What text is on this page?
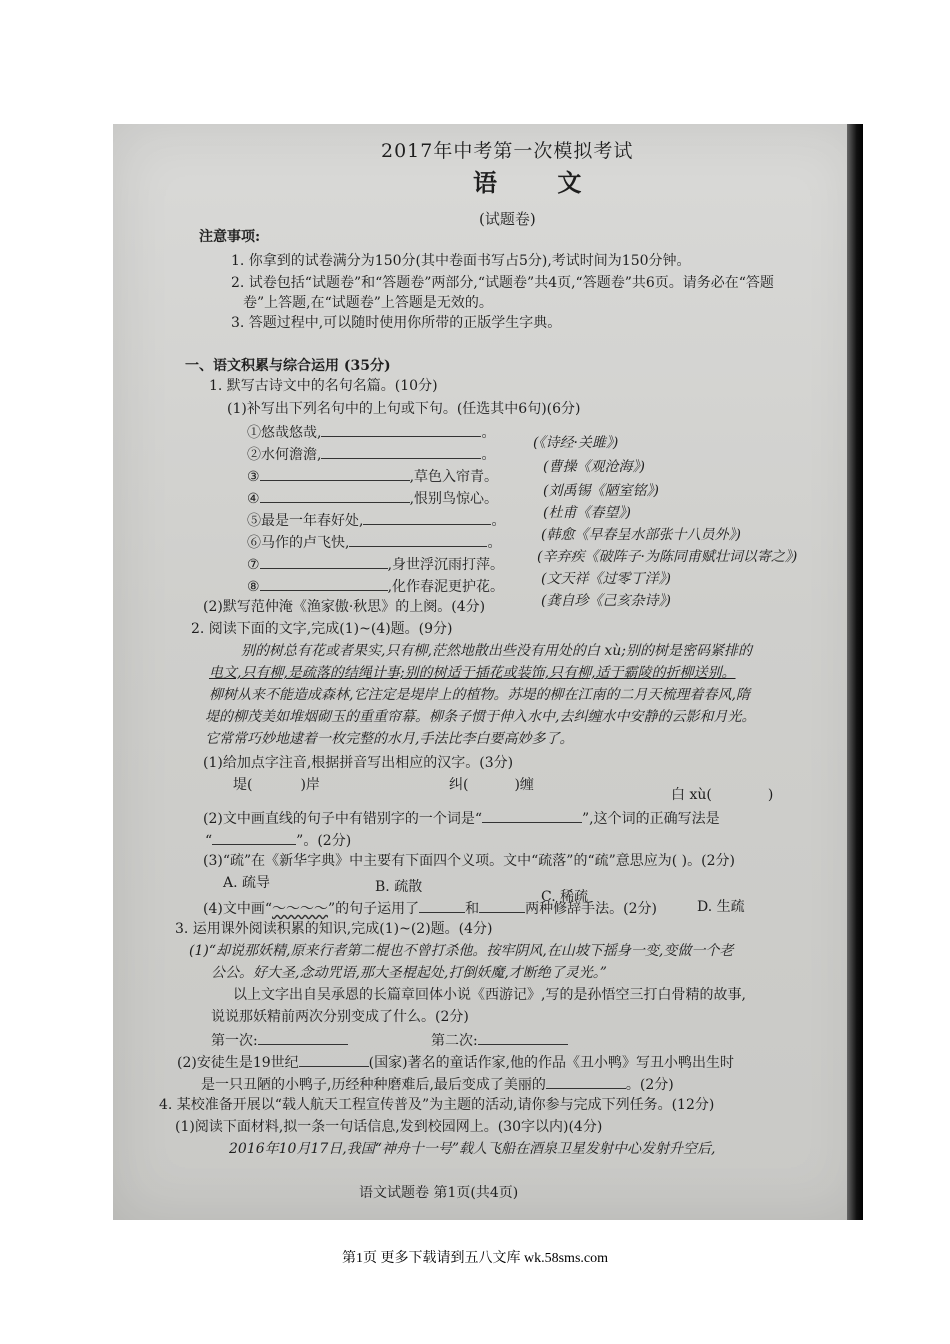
2017年中考第一次模拟考试
语 文
(试题卷)
注意事项:
1. 你拿到的试卷满分为150分(其中卷面书写占5分),考试时间为150分钟。
2. 试卷包括“试题卷”和“答题卷”两部分,“试题卷”共4页,“答题卷”共6页。请务必在“答题
卷”上答题,在“试题卷”上答题是无效的。
3. 答题过程中,可以随时使用你所带的正版学生字典。
一、语文积累与综合运用 (35分)
1. 默写古诗文中的名句名篇。(10分)
(1)补写出下列名句中的上句或下句。(任选其中6句)(6分)
①悠哉悠哉,	。
(《诗经·关雎》)
②水何澹澹,	。
(曹操《观沧海》)
③	,草色入帘青。
(刘禹锡《陋室铭》)
④	,恨别鸟惊心。
(杜甫《春望》)
⑤最是一年春好处,	。
(韩愈《早春呈水部张十八员外》)
⑥马作的卢飞快,	。
(辛弃疾《破阵子·为陈同甫赋壮词以寄之》)
⑦	,身世浮沉雨打萍。
(文天祥《过零丁洋》)
⑧	,化作春泥更护花。
(龚自珍《己亥杂诗》)
(2)默写范仲淹《渔家傲·秋思》的上阕。(4分)
2. 阅读下面的文字,完成(1)~(4)题。(9分)
别的树总有花或者果实,只有柳,茫然地散出些没有用处的白 xù;别的树是密码紧排的
电文,只有柳,是疏落的结绳计事;别的树适于插花或装饰,只有柳,适于霸陵的折柳送别。
柳树从来不能造成森林,它注定是堤岸上的植物。苏堤的柳在江南的二月天梳理着春风,隋
堤的柳茂美如堆烟砌玉的重重帘幕。柳条子惯于伸入水中,去纠缠水中安静的云影和月光。
它常常巧妙地逮着一枚完整的水月,手法比李白要高妙多了。
(1)给加点字注音,根据拼音写出相应的汉字。(3分)
堤(	)岸	纠(	)缠
白 xù(	)
(2)文中画直线的句子中有错别字的一个词是“	”,这个词的正确写法是
“	”。(2分)
(3)“疏”在《新华字典》中主要有下面四个义项。文中“疏落”的“疏”意思应为( )。(2分)
A. 疏导	B. 疏散
C. 稀疏
D. 生疏
(4)文中画“～～～～”的句子运用了	和	两种修辞手法。(2分)
3. 运用课外阅读积累的知识,完成(1)~(2)题。(4分)
(1)“却说那妖精,原来行者第二棍也不曾打杀他。按牢阴风,在山坡下摇身一变,变做一个老
公公。好大圣,念动咒语,那大圣棍起处,打倒妖魔,才断绝了灵光。”
以上文字出自吴承恩的长篇章回体小说《西游记》,写的是孙悟空三打白骨精的故事,
说说那妖精前两次分别变成了什么。(2分)
第一次:	第二次:
(2)安徒生是19世纪	(国家)著名的童话作家,他的作品《丑小鸭》写丑小鸭出生时
是一只丑陋的小鸭子,历经种种磨难后,最后变成了美丽的	。(2分)
4. 某校准备开展以“载人航天工程宣传普及”为主题的活动,请你参与完成下列任务。(12分)
(1)阅读下面材料,拟一条一句话信息,发到校园网上。(30字以内)(4分)
2016年10月17日,我国“神舟十一号”载人飞船在酒泉卫星发射中心发射升空后,
语文试题卷 第1页(共4页)
第1页 更多下载请到五八文库 wk.58sms.com
